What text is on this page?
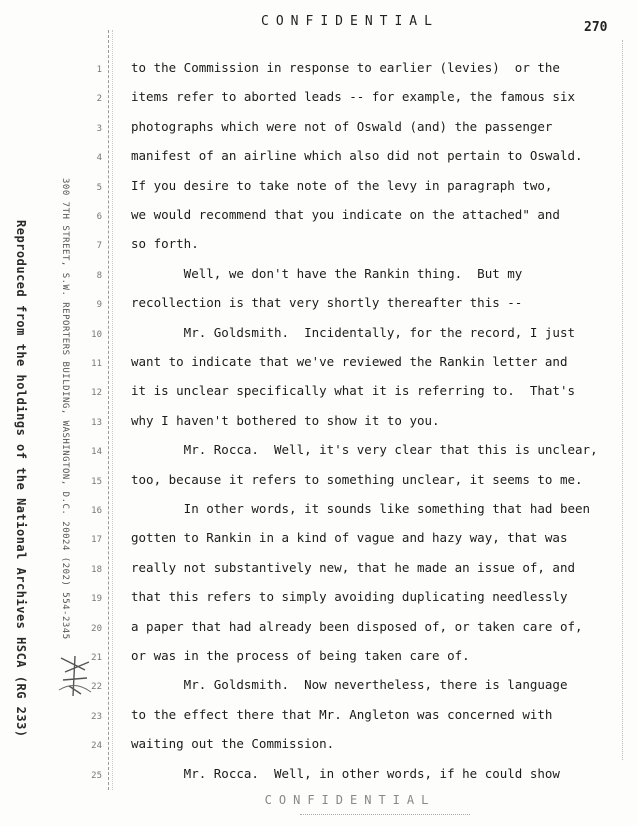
CONFIDENTIAL	270
Reproduced from the holdings of the National Archives HSCA (RG 233)	300 7TH STREET, S.W. REPORTERS BUILDING, WASHINGTON, D.C. 20024 (202) 554-2345
1
2
3
4
5
6
7
8
9
10
11
12
13
14
15
16
17
18
19
20
21
22
23
24
25
to the Commission in response to earlier (levies)  or the
items refer to aborted leads -- for example, the famous six
photographs which were not of Oswald (and) the passenger
manifest of an airline which also did not pertain to Oswald.
If you desire to take note of the levy in paragraph two,
we would recommend that you indicate on the attached" and
so forth.
Well, we don't have the Rankin thing.  But my
recollection is that very shortly thereafter this --
Mr. Goldsmith.  Incidentally, for the record, I just
want to indicate that we've reviewed the Rankin letter and
it is unclear specifically what it is referring to.  That's
why I haven't bothered to show it to you.
Mr. Rocca.  Well, it's very clear that this is unclear,
too, because it refers to something unclear, it seems to me.
In other words, it sounds like something that had been
gotten to Rankin in a kind of vague and hazy way, that was
really not substantively new, that he made an issue of, and
that this refers to simply avoiding duplicating needlessly
a paper that had already been disposed of, or taken care of,
or was in the process of being taken care of.
Mr. Goldsmith.  Now nevertheless, there is language
to the effect there that Mr. Angleton was concerned with
waiting out the Commission.
Mr. Rocca.  Well, in other words, if he could show
CONFIDENTIAL
